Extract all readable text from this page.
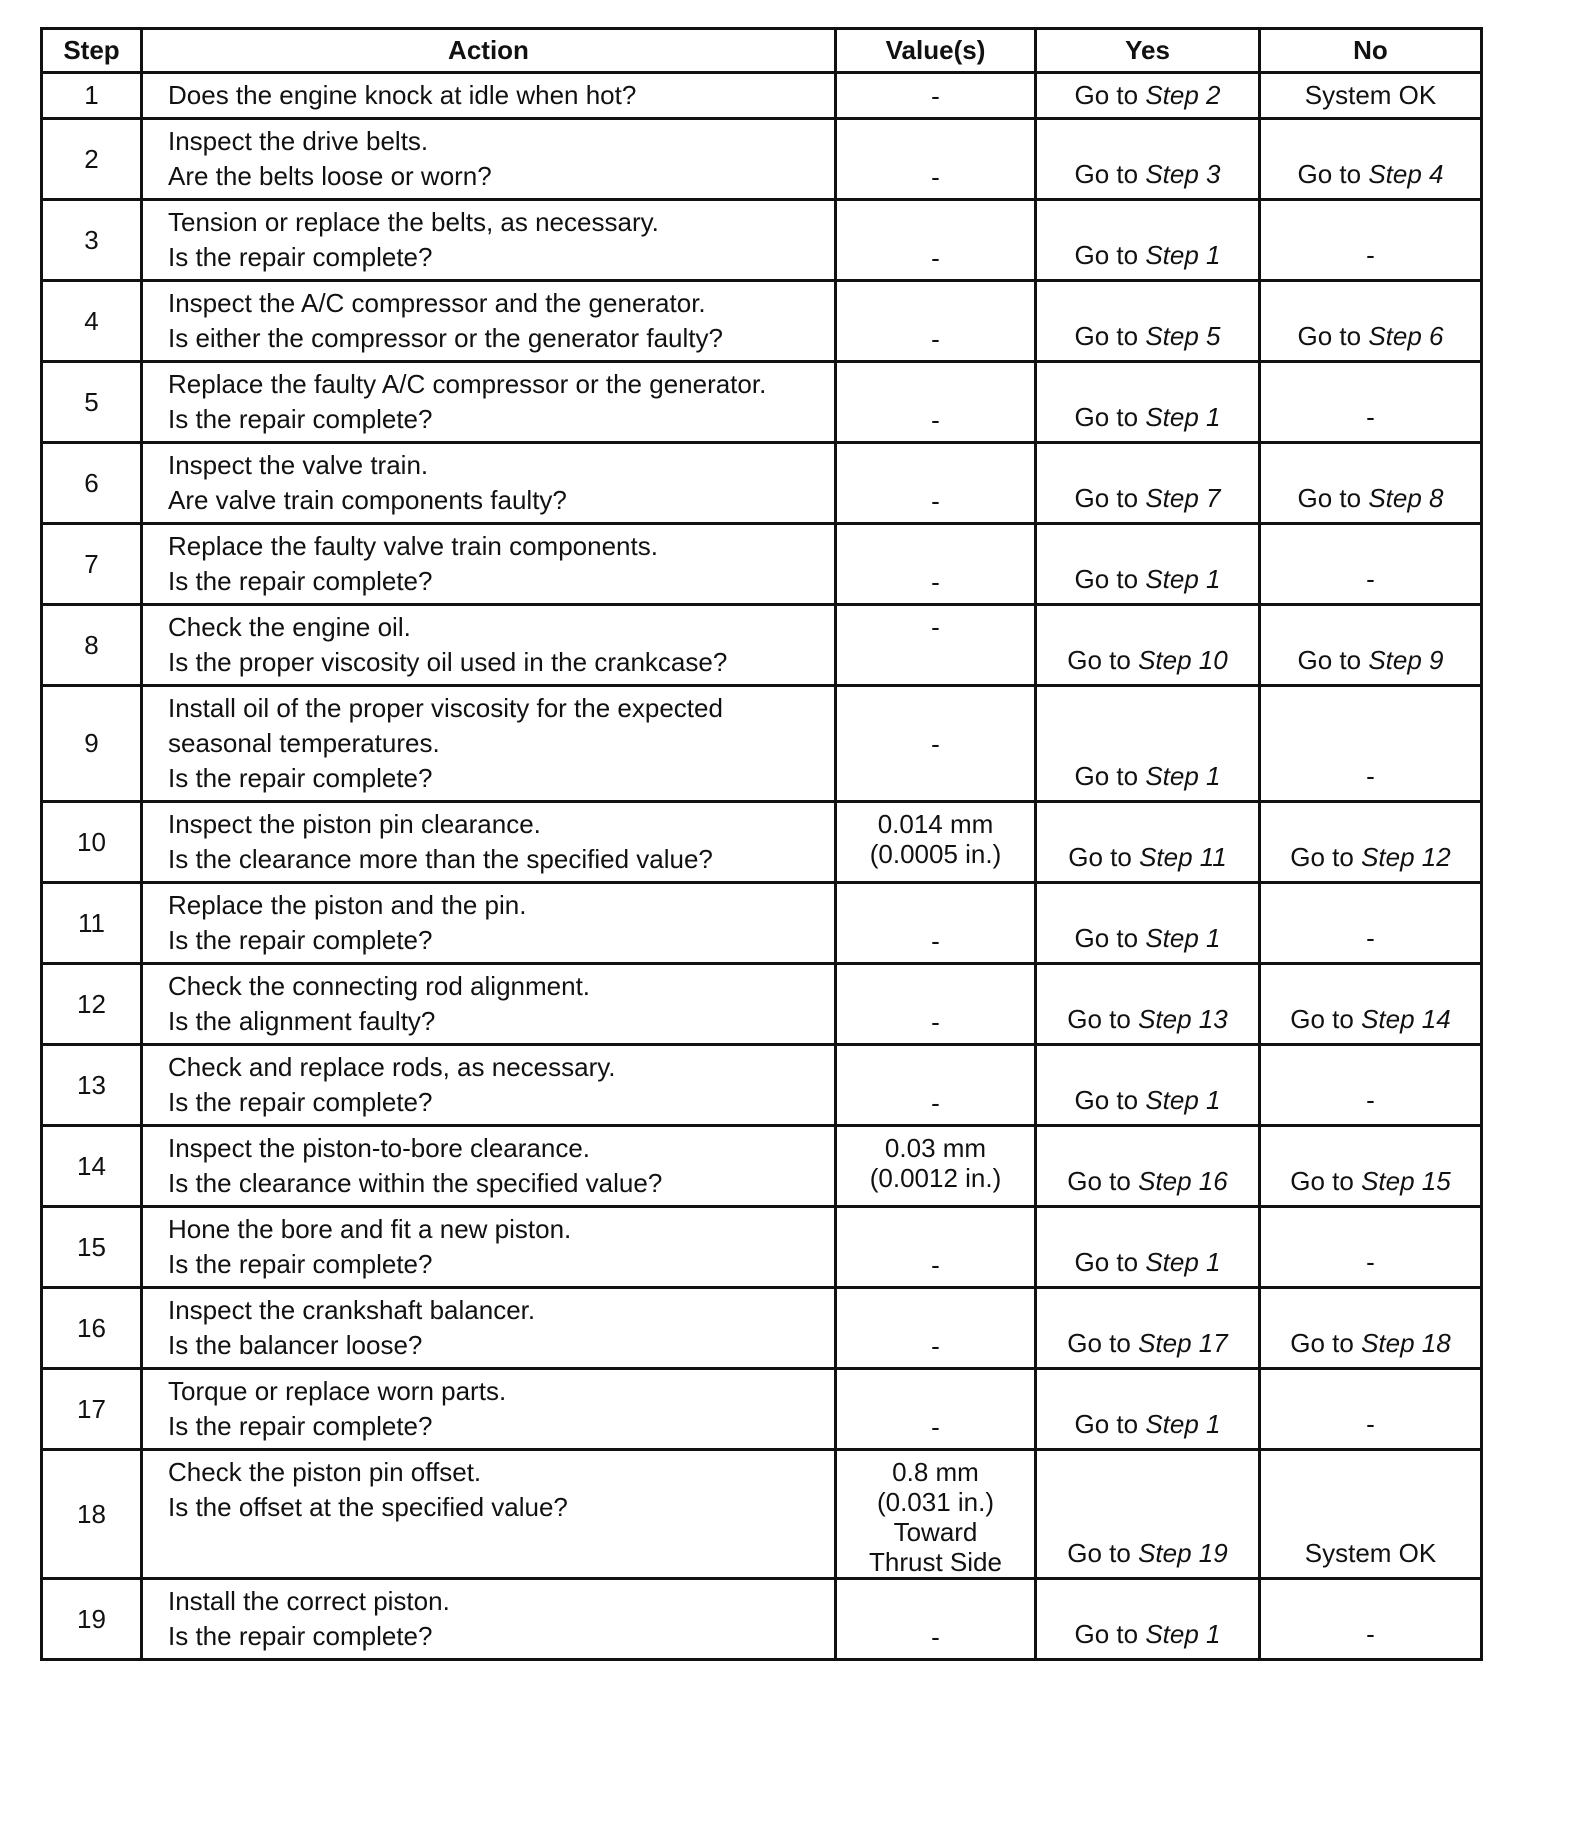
Step	Action	Value(s)	Yes	No
1	Does the engine knock at idle when hot?	-	Go to Step 2	System OK
2	Inspect the drive belts.
Are the belts loose or worn?	-	Go to Step 3	Go to Step 4
3	Tension or replace the belts, as necessary.
Is the repair complete?	-	Go to Step 1	-
4	Inspect the A/C compressor and the generator.
Is either the compressor or the generator faulty?	-	Go to Step 5	Go to Step 6
5	Replace the faulty A/C compressor or the generator.
Is the repair complete?	-	Go to Step 1	-
6	Inspect the valve train.
Are valve train components faulty?	-	Go to Step 7	Go to Step 8
7	Replace the faulty valve train components.
Is the repair complete?	-	Go to Step 1	-
8	Check the engine oil.
Is the proper viscosity oil used in the crankcase?	-	Go to Step 10	Go to Step 9
9	Install oil of the proper viscosity for the expected
seasonal temperatures.
Is the repair complete?	-	Go to Step 1	-
10	Inspect the piston pin clearance.
Is the clearance more than the specified value?	0.014 mm
(0.0005 in.)	Go to Step 11	Go to Step 12
11	Replace the piston and the pin.
Is the repair complete?	-	Go to Step 1	-
12	Check the connecting rod alignment.
Is the alignment faulty?	-	Go to Step 13	Go to Step 14
13	Check and replace rods, as necessary.
Is the repair complete?	-	Go to Step 1	-
14	Inspect the piston-to-bore clearance.
Is the clearance within the specified value?	0.03 mm
(0.0012 in.)	Go to Step 16	Go to Step 15
15	Hone the bore and fit a new piston.
Is the repair complete?	-	Go to Step 1	-
16	Inspect the crankshaft balancer.
Is the balancer loose?	-	Go to Step 17	Go to Step 18
17	Torque or replace worn parts.
Is the repair complete?	-	Go to Step 1	-
18	Check the piston pin offset.
Is the offset at the specified value?	0.8 mm
(0.031 in.)
Toward
Thrust Side	Go to Step 19	System OK
19	Install the correct piston.
Is the repair complete?	-	Go to Step 1	-
